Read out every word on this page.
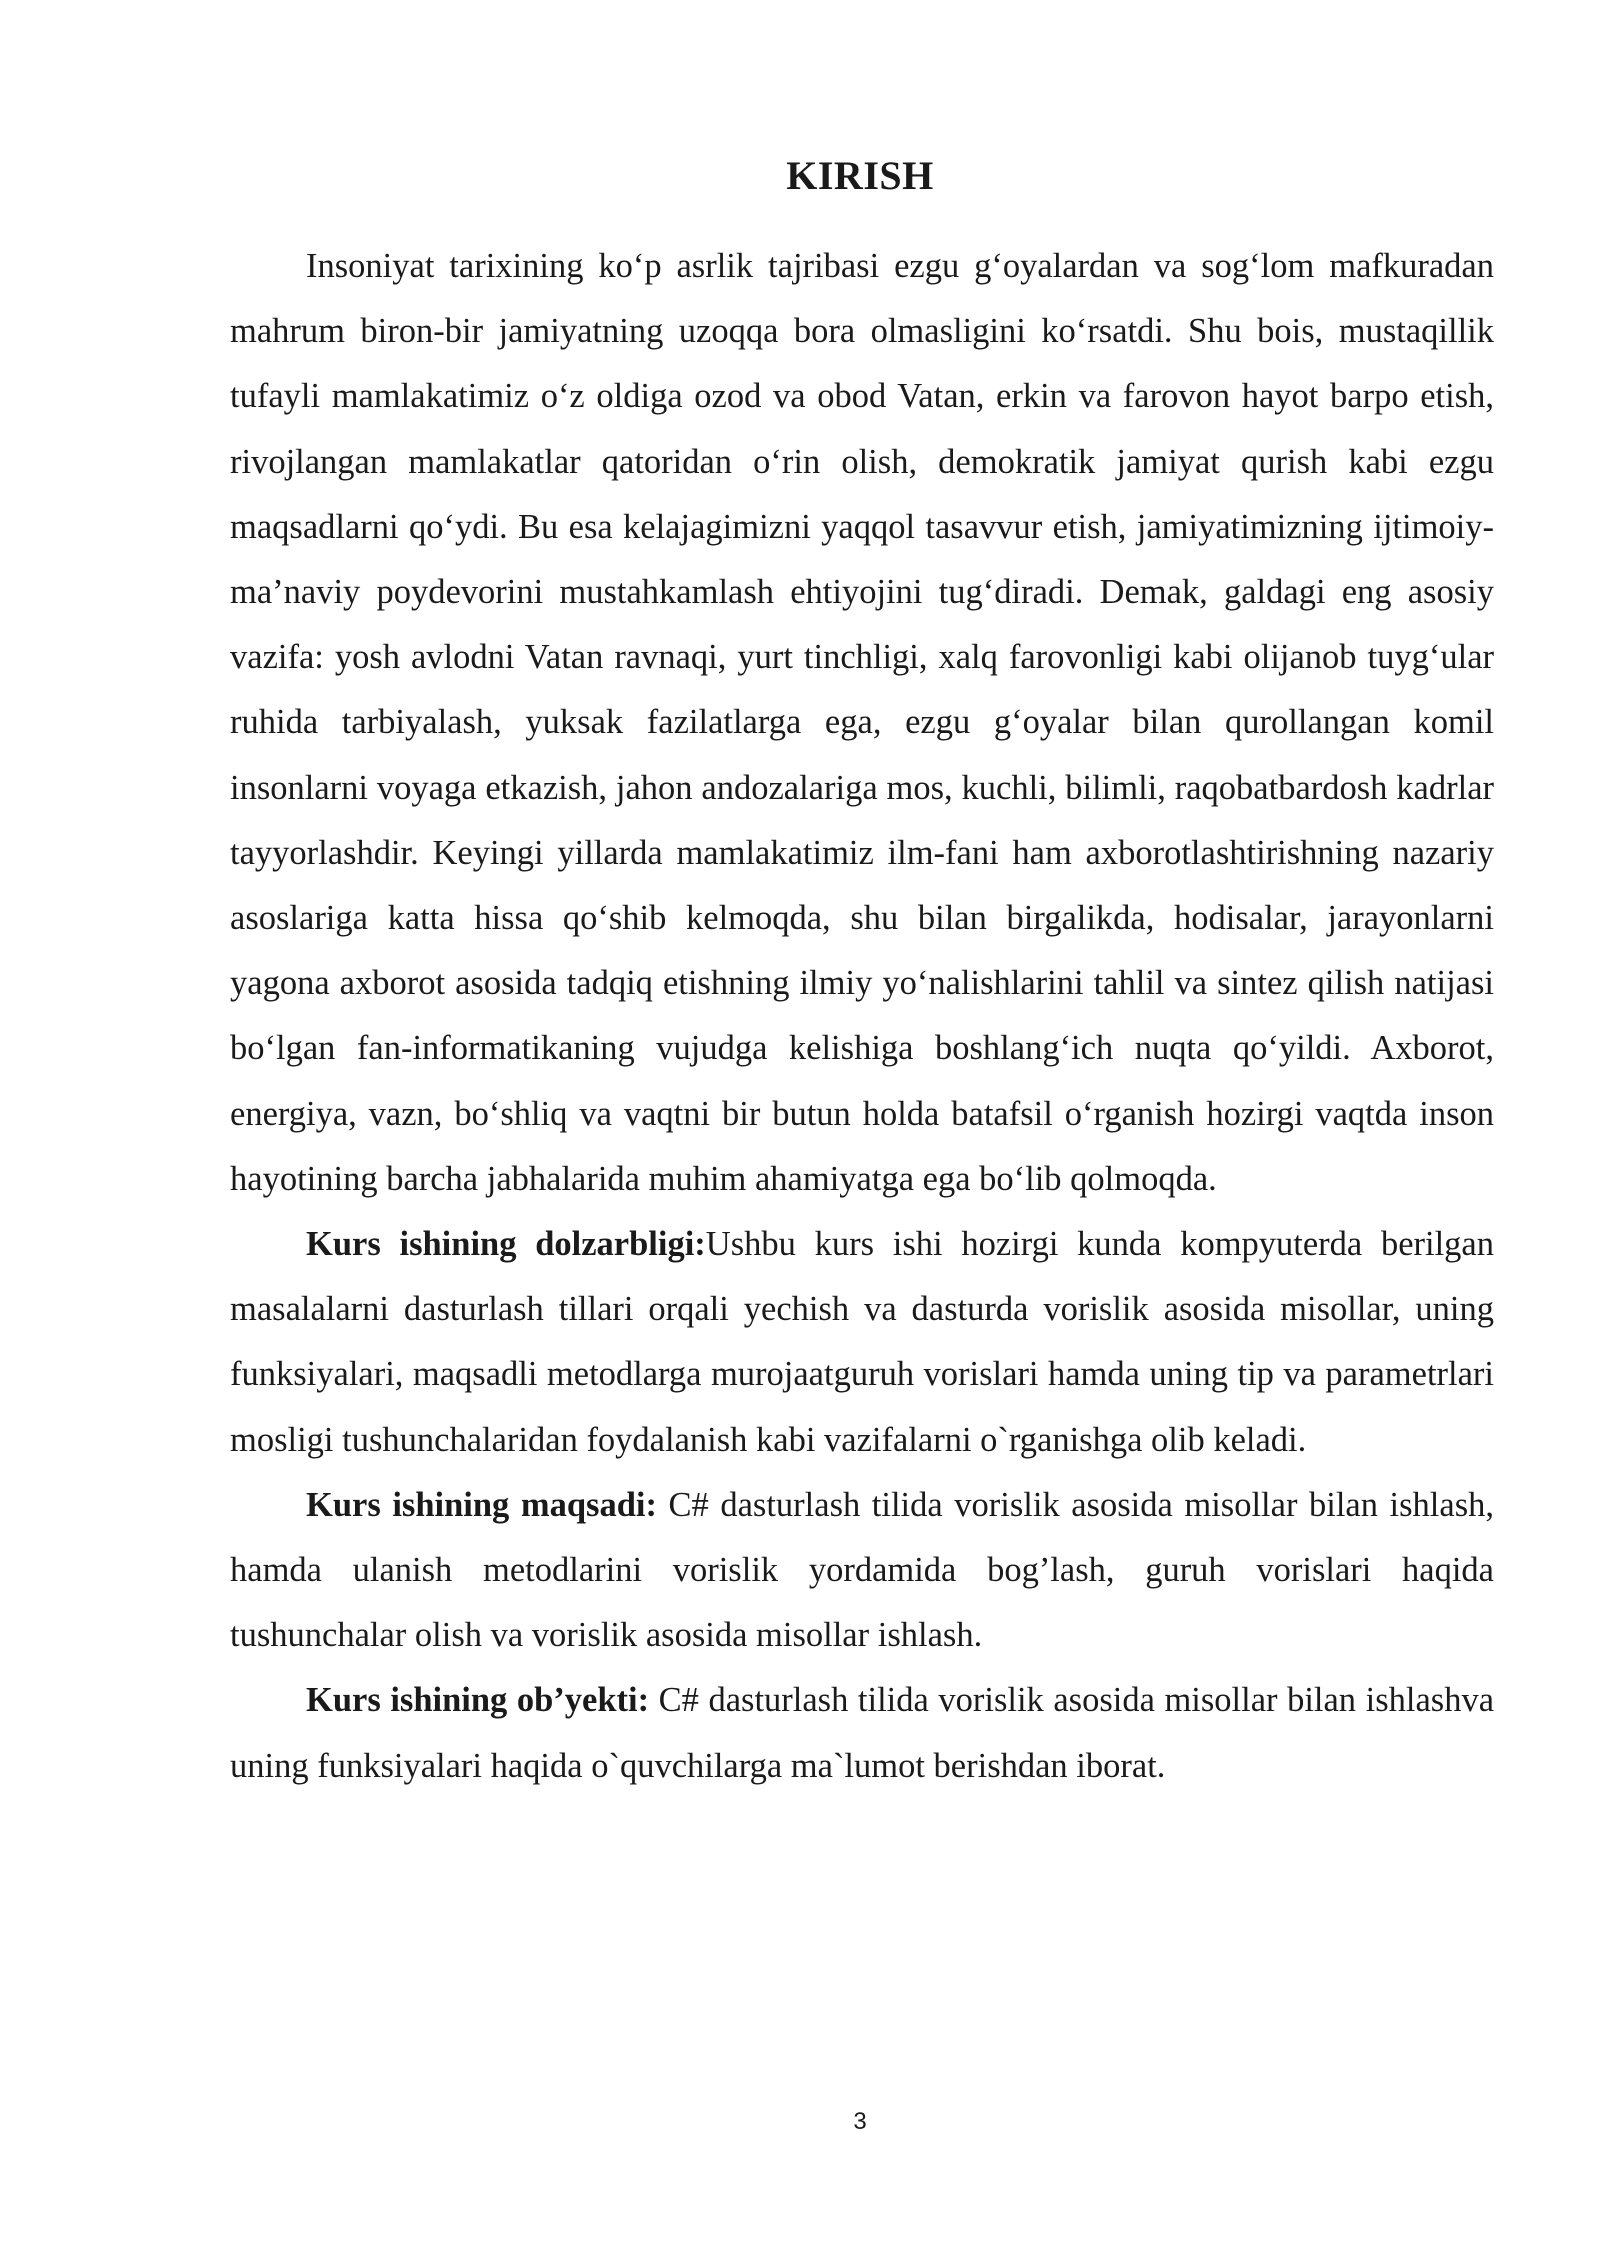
KIRISH

Insoniyat tarixining ko‘p asrlik tajribasi ezgu g‘oyalardan va sog‘lom mafkuradan mahrum biron-bir jamiyatning uzoqqa bora olmasligini ko‘rsatdi. Shu bois, mustaqillik tufayli mamlakatimiz o‘z oldiga ozod va obod Vatan, erkin va farovon hayot barpo etish, rivojlangan mamlakatlar qatoridan o‘rin olish, demokratik jamiyat qurish kabi ezgu maqsadlarni qo‘ydi. Bu esa kelajagimizni yaqqol tasavvur etish, jamiyatimizning ijtimoiy-ma’naviy poydevorini mustahkamlash ehtiyojini tug‘diradi. Demak, galdagi eng asosiy vazifa: yosh avlodni Vatan ravnaqi, yurt tinchligi, xalq farovonligi kabi olijanob tuyg‘ular ruhida tarbiyalash, yuksak fazilatlarga ega, ezgu g‘oyalar bilan qurollangan komil insonlarni voyaga etkazish, jahon andozalariga mos, kuchli, bilimli, raqobatbardosh kadrlar tayyorlashdir. Keyingi yillarda mamlakatimiz ilm-fani ham axborotlashtirishning nazariy asoslariga katta hissa qo‘shib kelmoqda, shu bilan birgalikda, hodisalar, jarayonlarni yagona axborot asosida tadqiq etishning ilmiy yo‘nalishlarini tahlil va sintez qilish natijasi bo‘lgan fan-informatikaning vujudga kelishiga boshlang‘ich nuqta qo‘yildi. Axborot, energiya, vazn, bo‘shliq va vaqtni bir butun holda batafsil o‘rganish hozirgi vaqtda inson hayotining barcha jabhalarida muhim ahamiyatga ega bo‘lib qolmoqda.

Kurs ishining dolzarbligi:Ushbu kurs ishi hozirgi kunda kompyuterda berilgan masalalarni dasturlash tillari orqali yechish va dasturda vorislik asosida misollar, uning funksiyalari, maqsadli metodlarga murojaatguruh vorislari hamda uning tip va parametrlari mosligi tushunchalaridan foydalanish kabi vazifalarni o`rganishga olib keladi.

Kurs ishining maqsadi: C# dasturlash tilida vorislik asosida misollar bilan ishlash, hamda ulanish metodlarini vorislik yordamida bog’lash, guruh vorislari haqida tushunchalar olish va vorislik asosida misollar ishlash.

Kurs ishining ob’yekti: C# dasturlash tilida vorislik asosida misollar bilan ishlashva uning funksiyalari haqida o`quvchilarga ma`lumot berishdan iborat.

3
